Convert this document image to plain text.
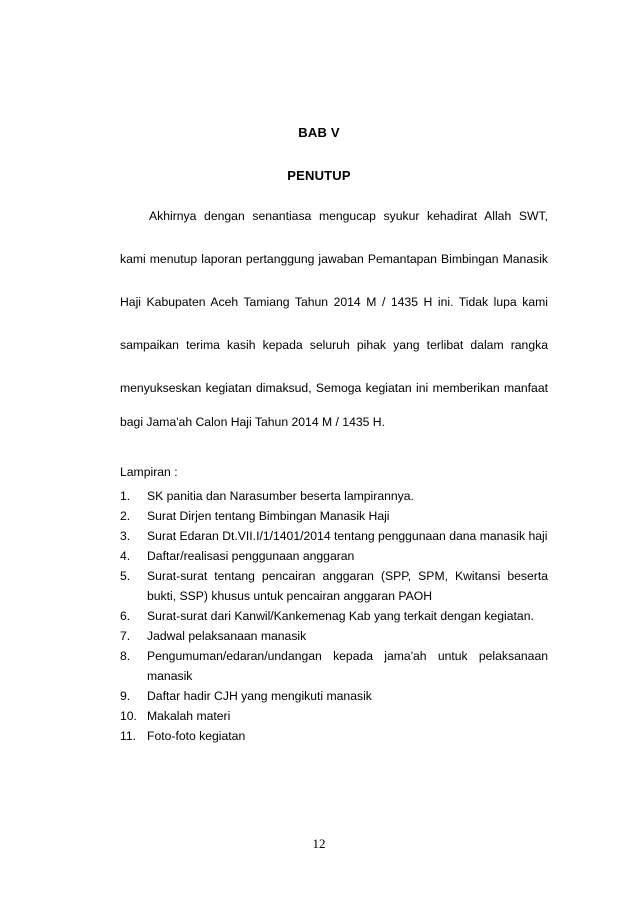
BAB V
PENUTUP
Akhirnya dengan senantiasa mengucap syukur kehadirat Allah SWT,
kami menutup laporan pertanggung jawaban Pemantapan Bimbingan Manasik
Haji Kabupaten Aceh Tamiang Tahun 2014 M / 1435 H ini. Tidak lupa kami
sampaikan terima kasih kepada seluruh pihak yang terlibat dalam rangka
menyukseskan kegiatan dimaksud, Semoga kegiatan ini memberikan manfaat
bagi Jama'ah Calon Haji Tahun 2014 M / 1435 H.
Lampiran :
1. SK panitia dan Narasumber beserta lampirannya.
2. Surat Dirjen tentang Bimbingan Manasik Haji
3. Surat Edaran Dt.VII.I/1/1401/2014 tentang penggunaan dana manasik haji
4. Daftar/realisasi penggunaan anggaran
5. Surat-surat tentang pencairan anggaran (SPP, SPM, Kwitansi beserta bukti, SSP) khusus untuk pencairan anggaran PAOH
6. Surat-surat dari Kanwil/Kankemenag Kab yang terkait dengan kegiatan.
7. Jadwal pelaksanaan manasik
8. Pengumuman/edaran/undangan kepada jama'ah untuk pelaksanaan manasik
9. Daftar hadir CJH yang mengikuti manasik
10. Makalah materi
11. Foto-foto kegiatan
12
